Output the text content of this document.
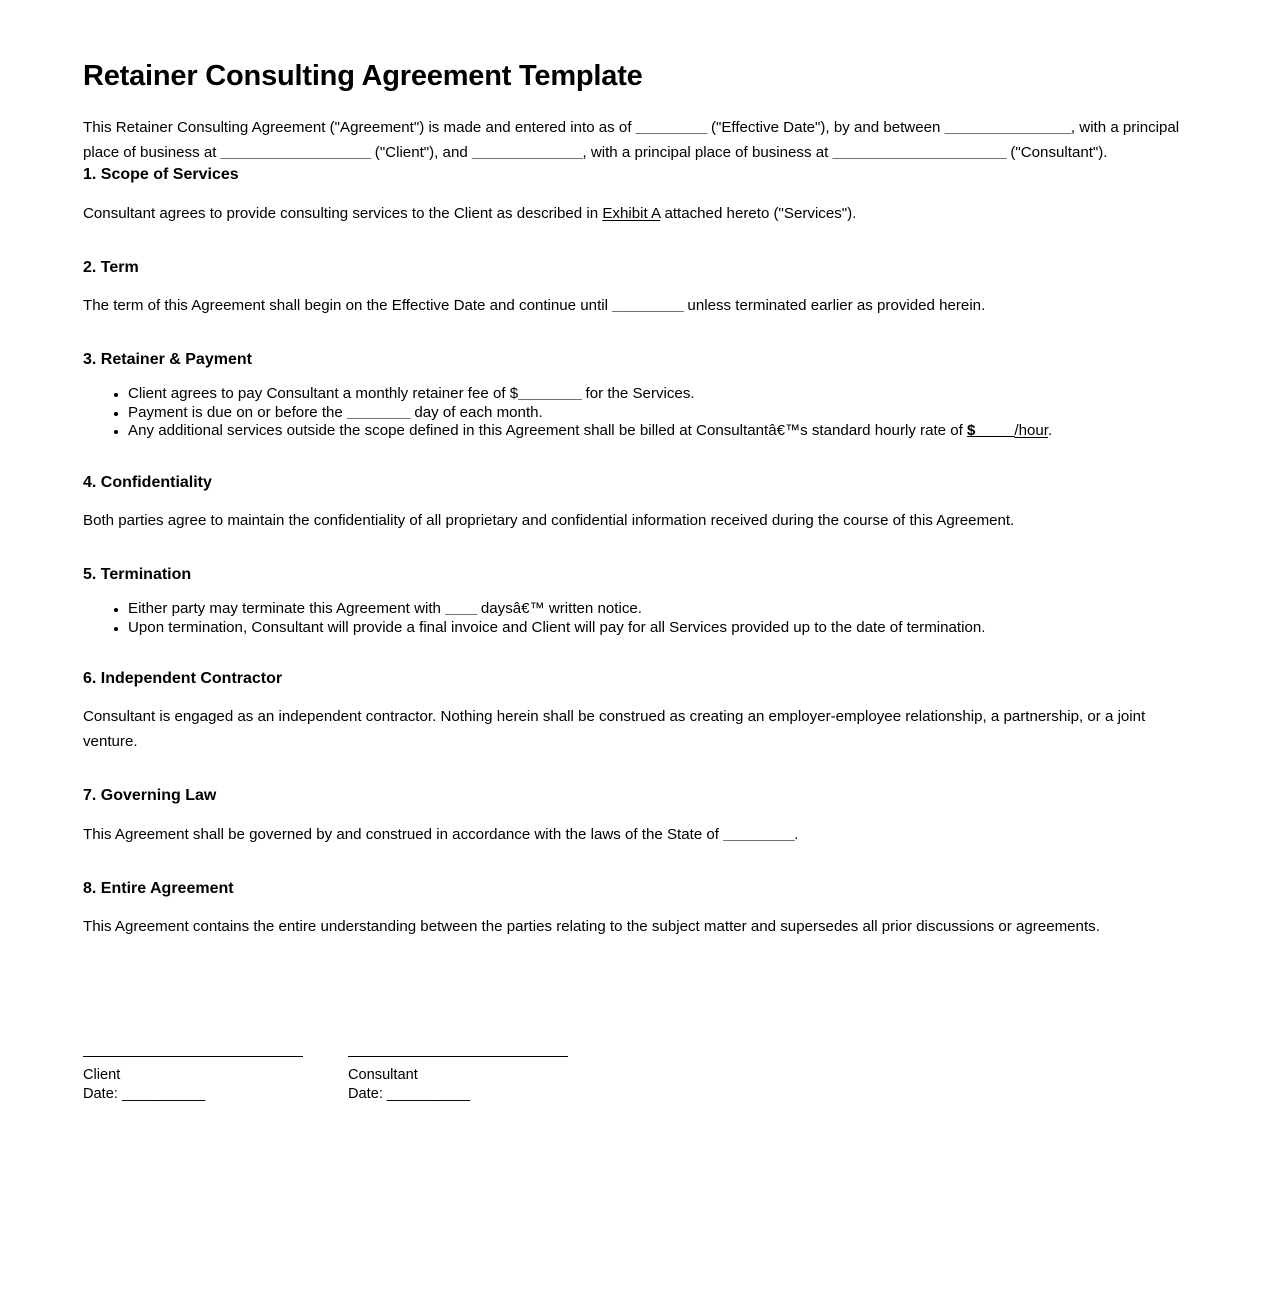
Retainer Consulting Agreement Template

This Retainer Consulting Agreement ("Agreement") is made and entered into as of _________ ("Effective Date"), by and between ________________, with a principal place of business at ___________________ ("Client"), and ______________, with a principal place of business at ______________________ ("Consultant").

1. Scope of Services

Consultant agrees to provide consulting services to the Client as described in Exhibit A attached hereto ("Services").

2. Term

The term of this Agreement shall begin on the Effective Date and continue until _________ unless terminated earlier as provided herein.

3. Retainer & Payment
Client agrees to pay Consultant a monthly retainer fee of $________ for the Services.
Payment is due on or before the ________ day of each month.
Any additional services outside the scope defined in this Agreement shall be billed at Consultantâ€™s standard hourly rate of $_____/hour.
4. Confidentiality

Both parties agree to maintain the confidentiality of all proprietary and confidential information received during the course of this Agreement.

5. Termination
Either party may terminate this Agreement with ____ daysâ€™ written notice.
Upon termination, Consultant will provide a final invoice and Client will pay for all Services provided up to the date of termination.
6. Independent Contractor

Consultant is engaged as an independent contractor. Nothing herein shall be construed as creating an employer-employee relationship, a partnership, or a joint venture.

7. Governing Law

This Agreement shall be governed by and construed in accordance with the laws of the State of _________.

8. Entire Agreement

This Agreement contains the entire understanding between the parties relating to the subject matter and supersedes all prior discussions or agreements.

Client
Date: ___________
Consultant
Date: ___________
